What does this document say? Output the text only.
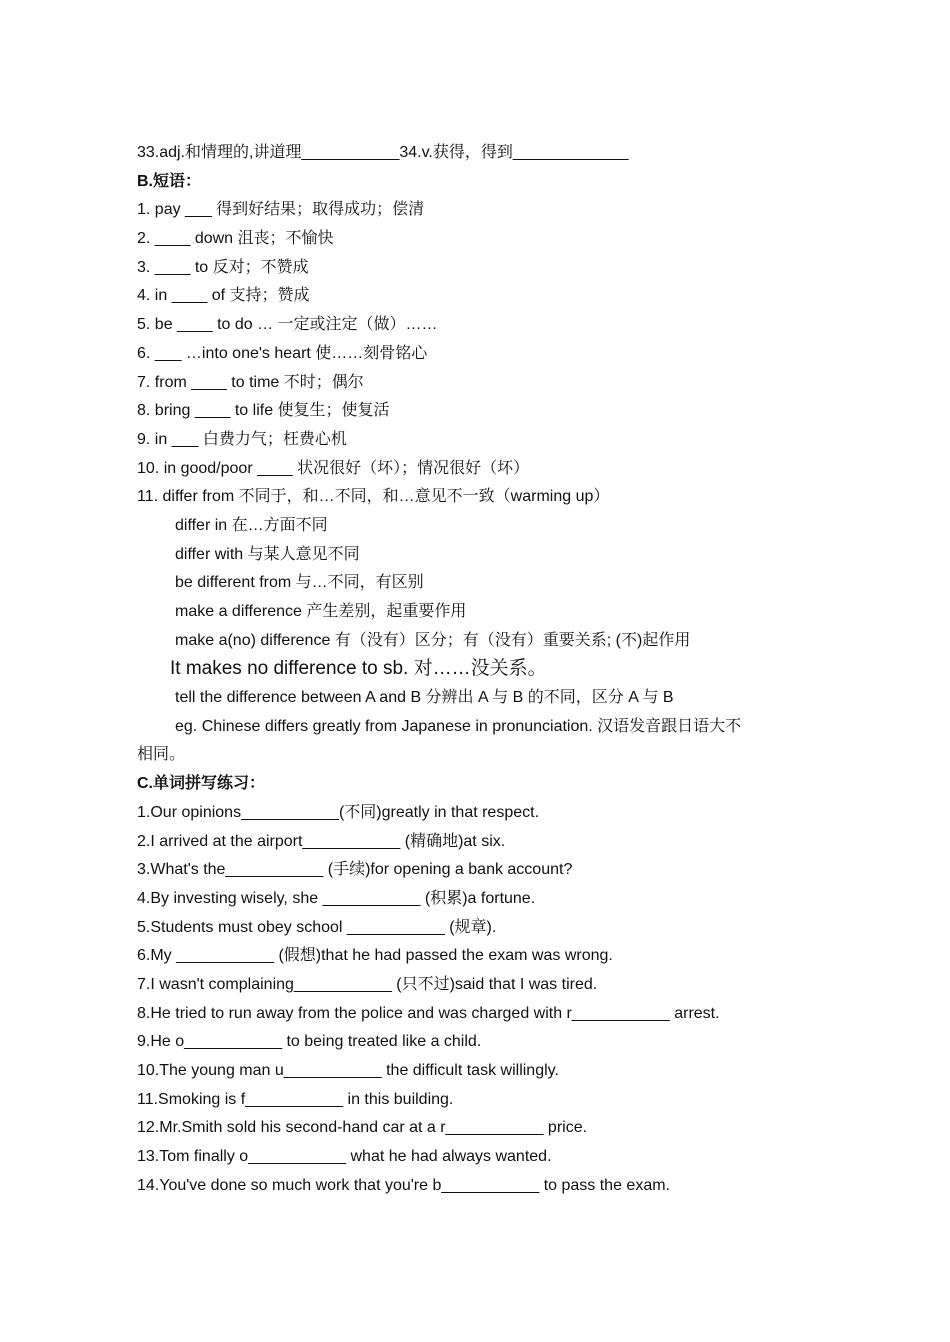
33.adj.和情理的,讲道理___________34.v.获得，得到_____________
B.短语：
1. pay ___ 得到好结果；取得成功；偿清
2. ____ down 沮丧；不愉快
3. ____ to 反对；不赞成
4. in ____ of 支持；赞成
5. be ____ to do … 一定或注定（做）……
6. ___ …into one's heart 使……刻骨铭心
7. from ____ to time 不时；偶尔
8. bring ____ to life 使复生；使复活
9. in ___ 白费力气；枉费心机
10. in good/poor ____ 状况很好（坏）；情况很好（坏）
11. differ from 不同于，和…不同，和…意见不一致（warming up）
differ in 在…方面不同
differ with 与某人意见不同
be different from 与…不同，有区别
make a difference 产生差别，起重要作用
make a(no) difference 有（没有）区分；有（没有）重要关系; (不)起作用
It makes no difference to sb. 对……没关系。
tell the difference between A and B 分辨出 A 与 B 的不同，区分 A 与 B
eg. Chinese differs greatly from Japanese in pronunciation. 汉语发音跟日语大不
相同。
C.单词拼写练习：
1.Our opinions___________(不同)greatly in that respect.
2.I arrived at the airport___________ (精确地)at six.
3.What's the___________ (手续)for opening a bank account?
4.By investing wisely, she ___________ (积累)a fortune.
5.Students must obey school ___________ (规章).
6.My ___________ (假想)that he had passed the exam was wrong.
7.I wasn't complaining___________ (只不过)said that I was tired.
8.He tried to run away from the police and was charged with r___________ arrest.
9.He o___________ to being treated like a child.
10.The young man u___________ the difficult task willingly.
11.Smoking is f___________ in this building.
12.Mr.Smith sold his second-hand car at a r___________ price.
13.Tom finally o___________ what he had always wanted.
14.You've done so much work that you're b___________ to pass the exam.
